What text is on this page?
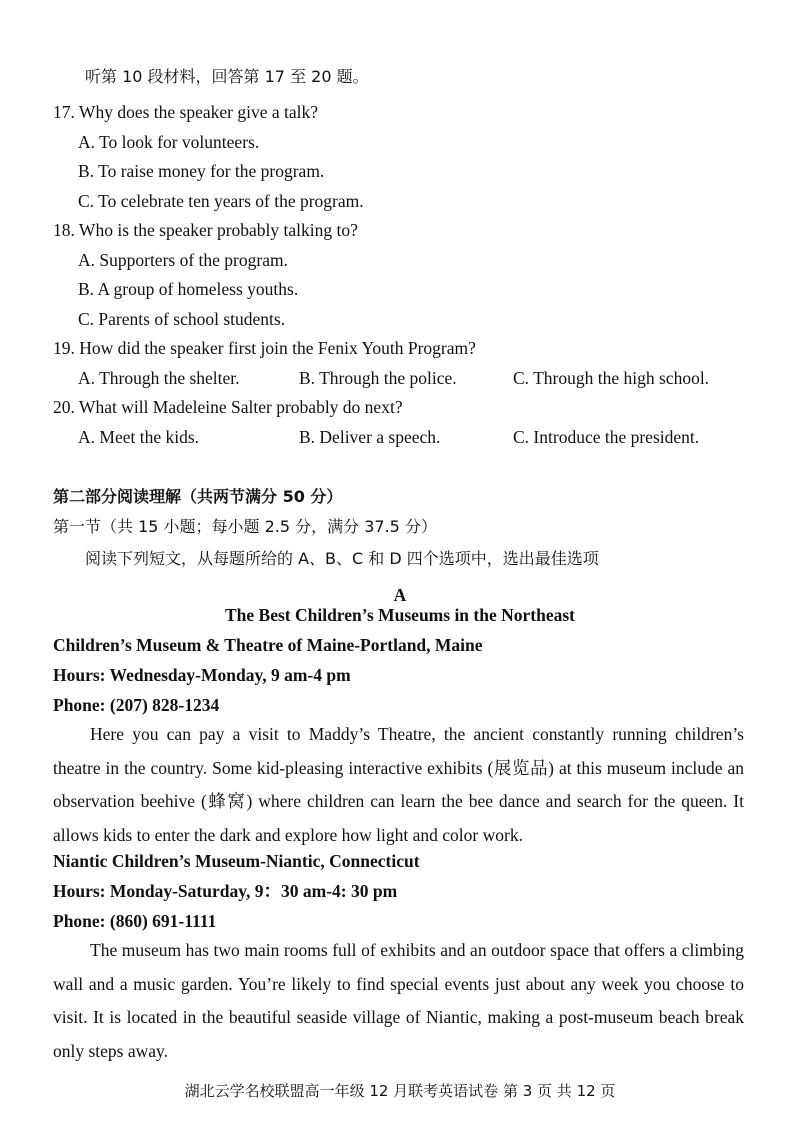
听第 10 段材料，回答第 17 至 20 题。
17. Why does the speaker give a talk?
A. To look for volunteers.
B. To raise money for the program.
C. To celebrate ten years of the program.
18. Who is the speaker probably talking to?
A. Supporters of the program.
B. A group of homeless youths.
C. Parents of school students.
19. How did the speaker first join the Fenix Youth Program?
A. Through the shelter.	B. Through the police.	C. Through the high school.
20. What will Madeleine Salter probably do next?
A. Meet the kids.	B. Deliver a speech.	C. Introduce the president.
第二部分阅读理解（共两节满分 50 分）
第一节（共 15 小题；每小题 2.5 分，满分 37.5 分）
阅读下列短文，从每题所给的 A、B、C 和 D 四个选项中，选出最佳选项
A
The Best Children’s Museums in the Northeast
Children’s Museum & Theatre of Maine-Portland, Maine
Hours: Wednesday-Monday, 9 am-4 pm
Phone: (207) 828-1234
Here you can pay a visit to Maddy’s Theatre, the ancient constantly running children’s theatre in the country. Some kid-pleasing interactive exhibits (展览品) at this museum include an observation beehive (蜂窝) where children can learn the bee dance and search for the queen. It allows kids to enter the dark and explore how light and color work.
Niantic Children’s Museum-Niantic, Connecticut
Hours: Monday-Saturday, 9：30 am-4: 30 pm
Phone: (860) 691-1111
The museum has two main rooms full of exhibits and an outdoor space that offers a climbing wall and a music garden. You’re likely to find special events just about any week you choose to visit. It is located in the beautiful seaside village of Niantic, making a post-museum beach break only steps away.
湖北云学名校联盟高一年级 12 月联考英语试卷 第 3 页 共 12 页
